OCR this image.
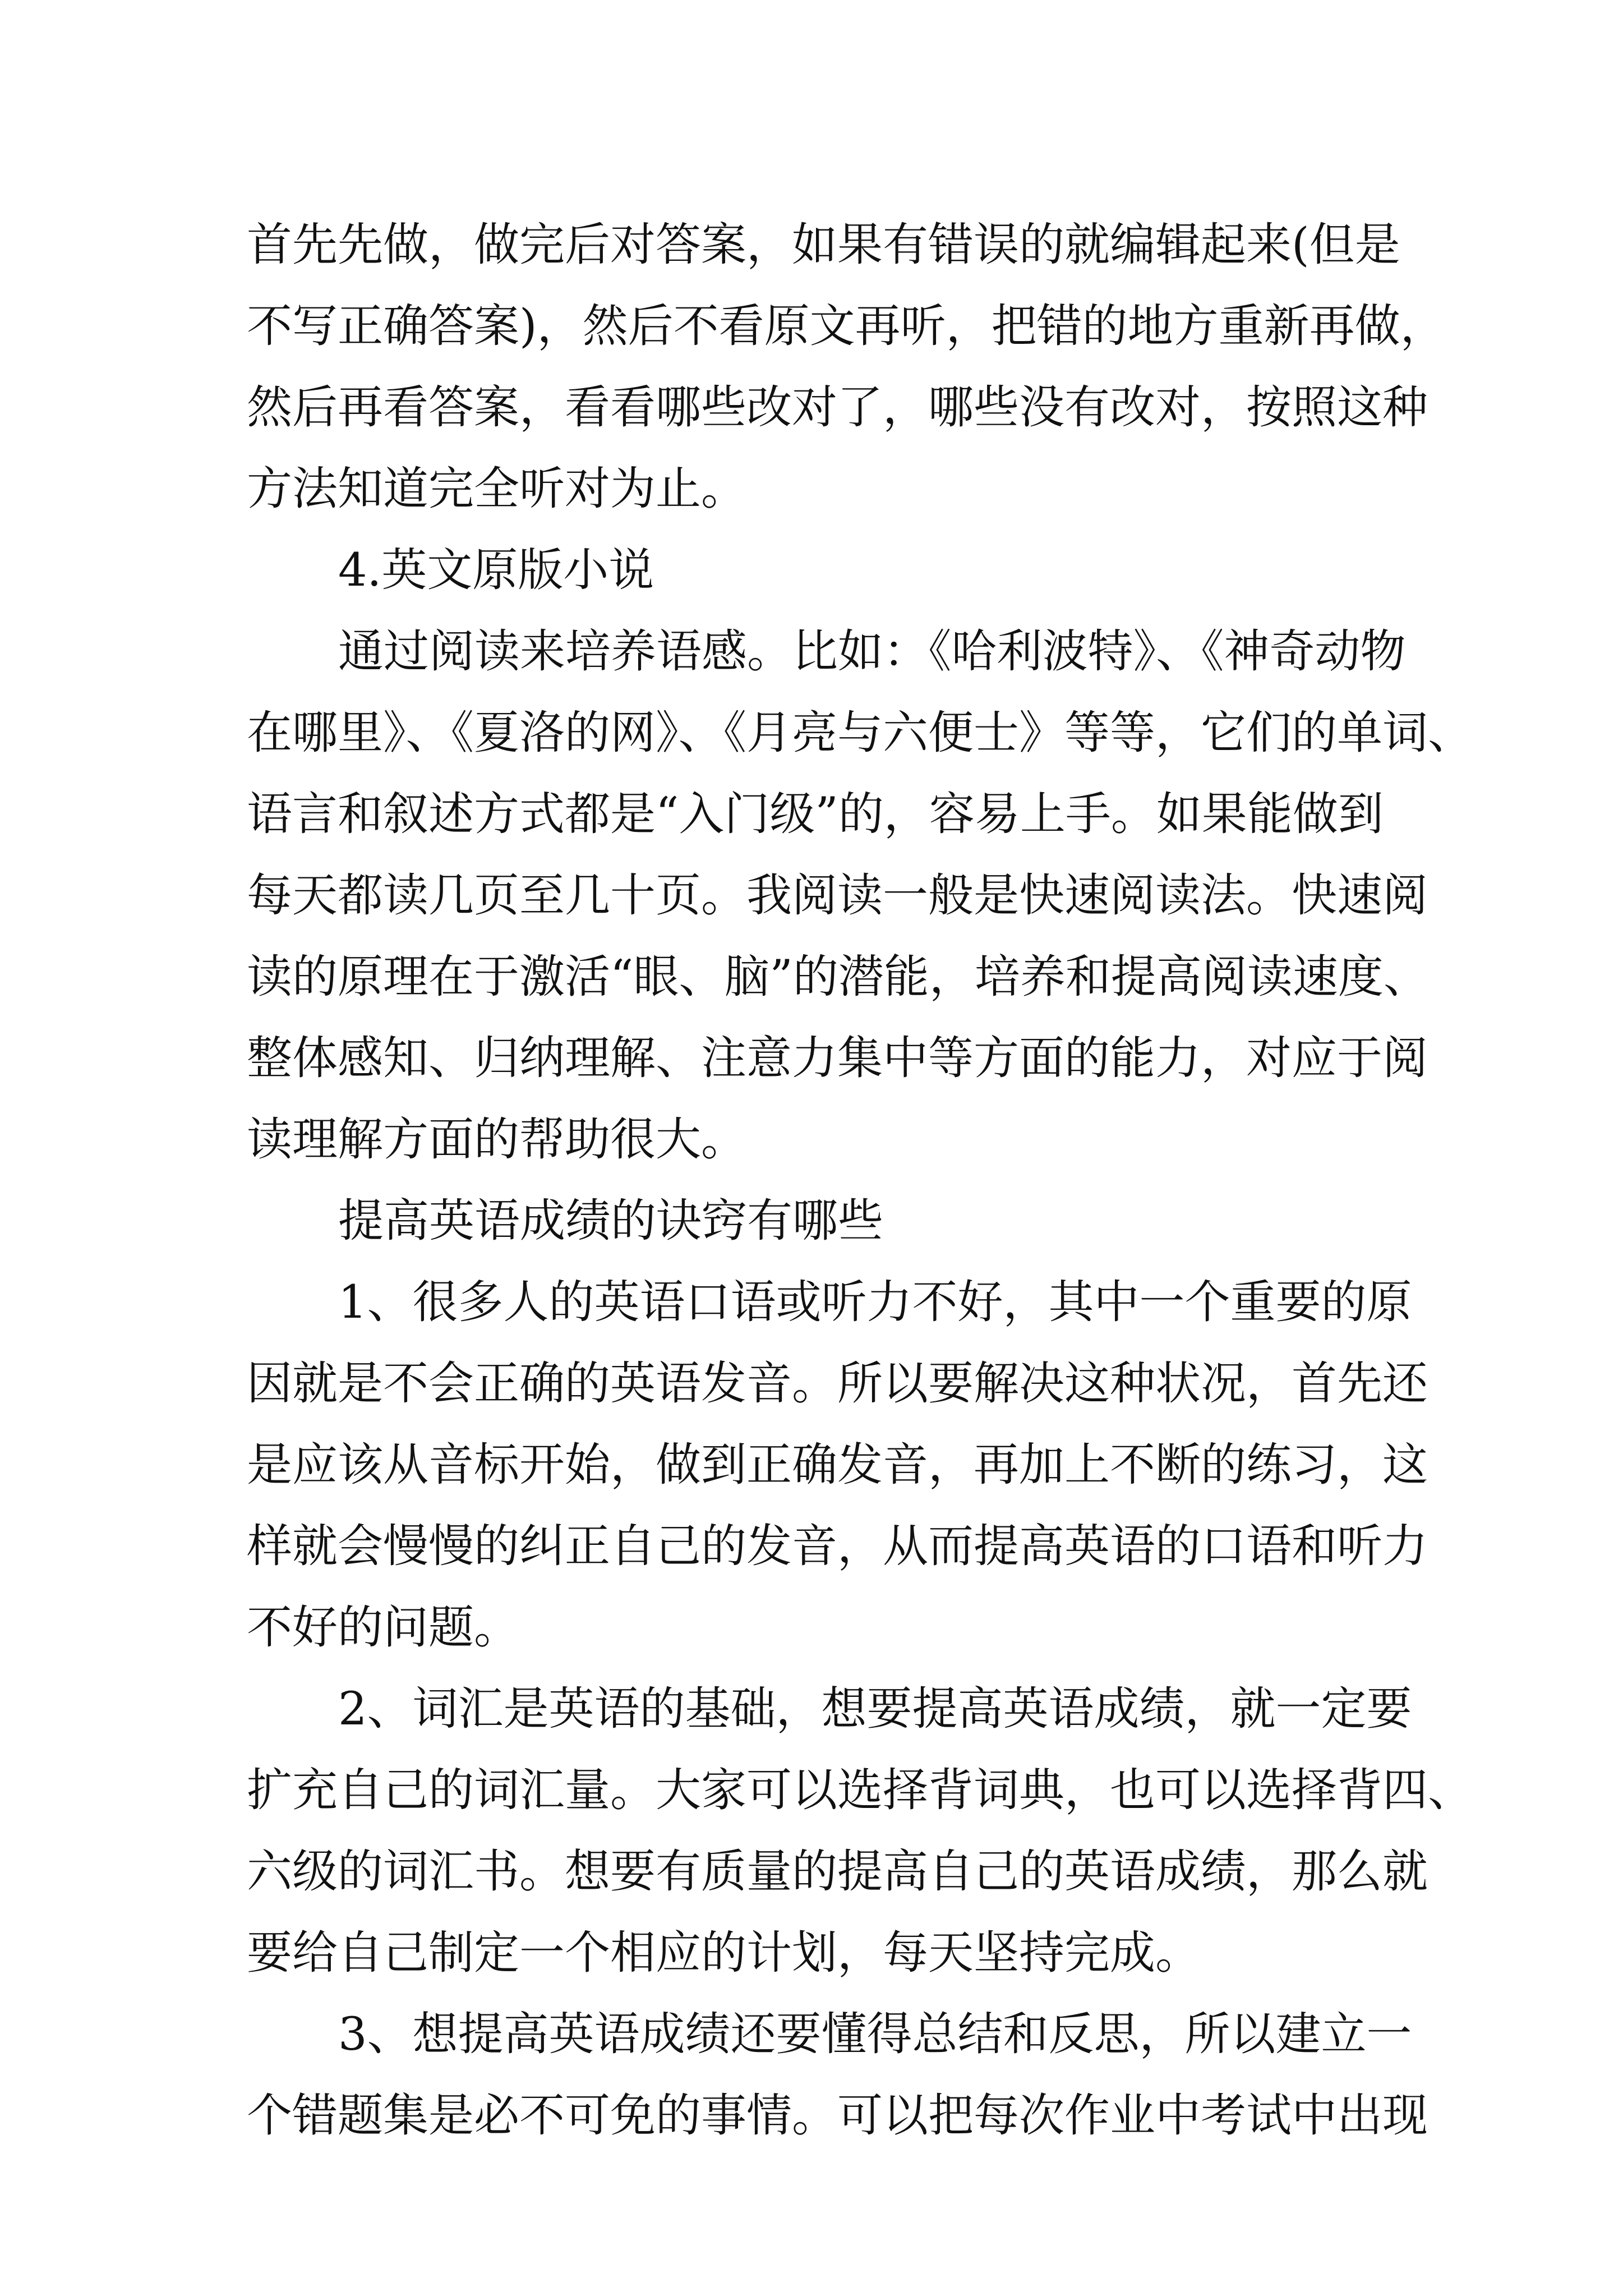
首先先做，做完后对答案，如果有错误的就编辑起来(但是
不写正确答案)，然后不看原文再听，把错的地方重新再做，
然后再看答案，看看哪些改对了，哪些没有改对，按照这种
方法知道完全听对为止。
4.英文原版小说
通过阅读来培养语感。比如：《哈利波特》、《神奇动物
在哪里》、《夏洛的网》、《月亮与六便士》等等，它们的单词、
语言和叙述方式都是“入门级”的，容易上手。如果能做到
每天都读几页至几十页。我阅读一般是快速阅读法。快速阅
读的原理在于激活“眼、脑”的潜能，培养和提高阅读速度、
整体感知、归纳理解、注意力集中等方面的能力，对应于阅
读理解方面的帮助很大。
提高英语成绩的诀窍有哪些
1、很多人的英语口语或听力不好，其中一个重要的原
因就是不会正确的英语发音。所以要解决这种状况，首先还
是应该从音标开始，做到正确发音，再加上不断的练习，这
样就会慢慢的纠正自己的发音，从而提高英语的口语和听力
不好的问题。
2、词汇是英语的基础，想要提高英语成绩，就一定要
扩充自己的词汇量。大家可以选择背词典，也可以选择背四、
六级的词汇书。想要有质量的提高自己的英语成绩，那么就
要给自己制定一个相应的计划，每天坚持完成。
3、想提高英语成绩还要懂得总结和反思，所以建立一
个错题集是必不可免的事情。可以把每次作业中考试中出现
